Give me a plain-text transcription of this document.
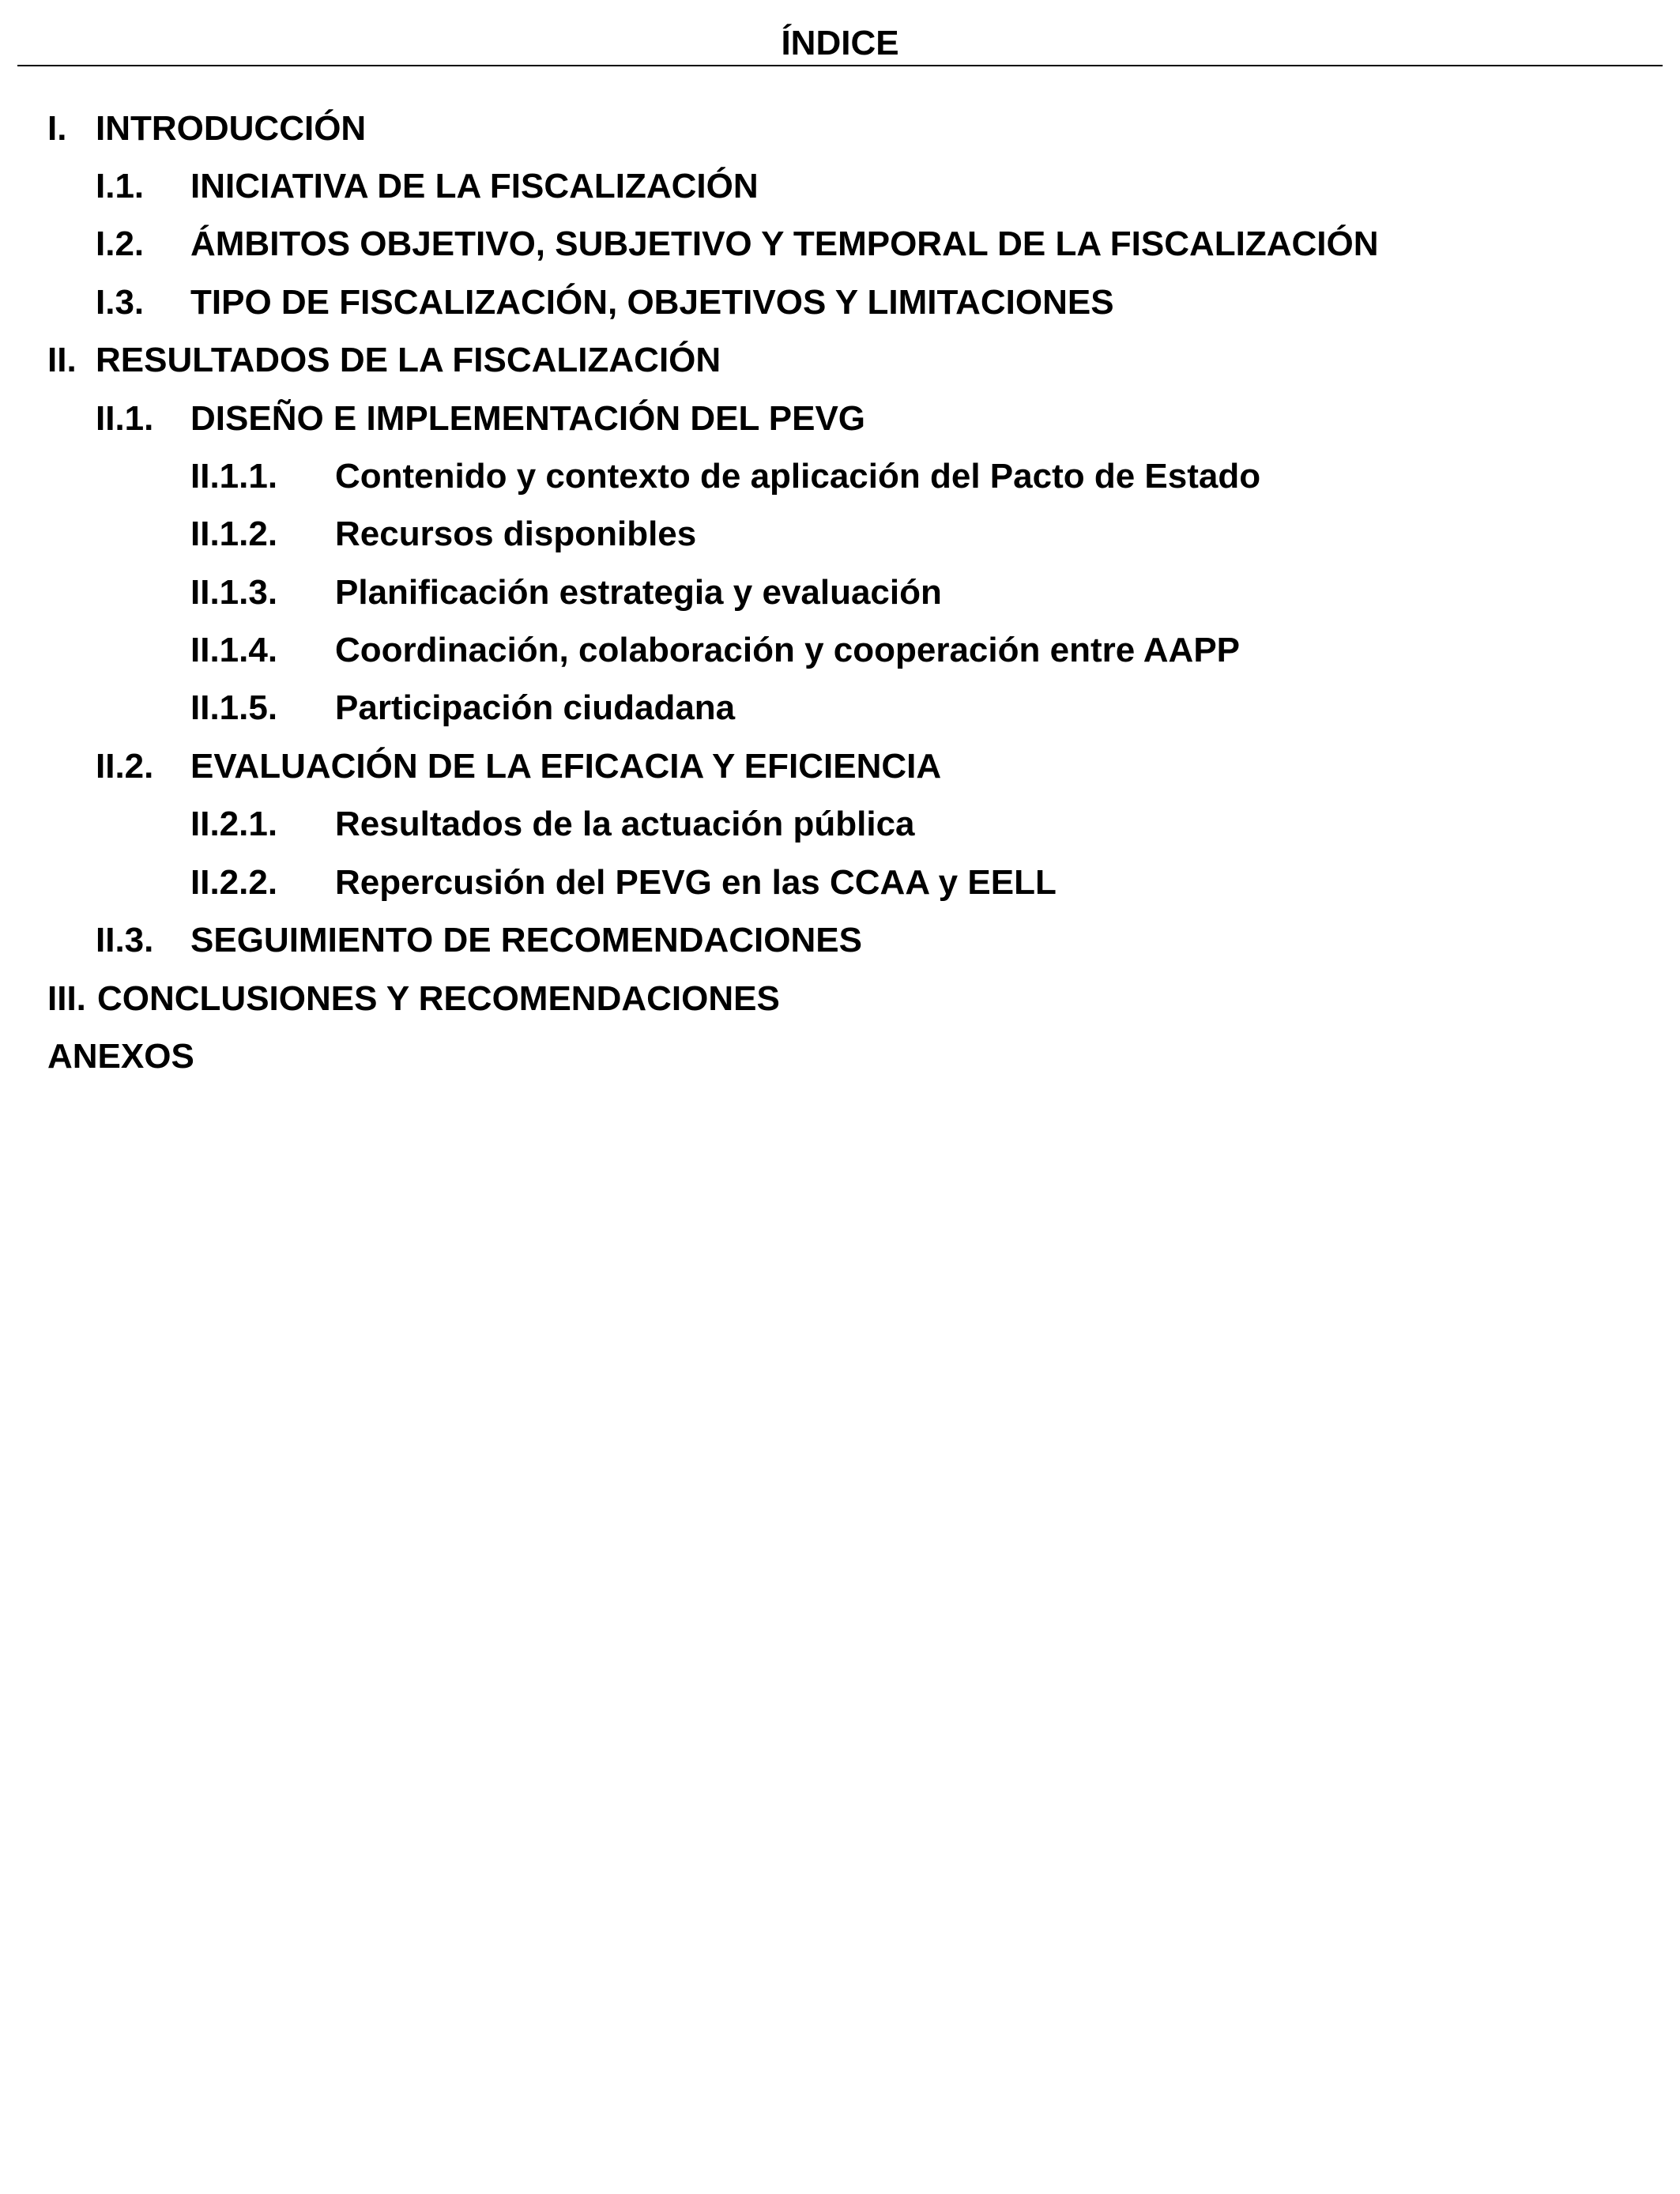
ÍNDICE
I. INTRODUCCIÓN
I.1. INICIATIVA DE LA FISCALIZACIÓN
I.2. ÁMBITOS OBJETIVO, SUBJETIVO Y TEMPORAL DE LA FISCALIZACIÓN
I.3. TIPO DE FISCALIZACIÓN, OBJETIVOS Y LIMITACIONES
II. RESULTADOS DE LA FISCALIZACIÓN
II.1. DISEÑO E IMPLEMENTACIÓN DEL PEVG
II.1.1. Contenido y contexto de aplicación del Pacto de Estado
II.1.2. Recursos disponibles
II.1.3. Planificación estrategia y evaluación
II.1.4. Coordinación, colaboración y cooperación entre AAPP
II.1.5. Participación ciudadana
II.2. EVALUACIÓN DE LA EFICACIA Y EFICIENCIA
II.2.1. Resultados de la actuación pública
II.2.2. Repercusión del PEVG en las CCAA y EELL
II.3. SEGUIMIENTO DE RECOMENDACIONES
III. CONCLUSIONES Y RECOMENDACIONES
ANEXOS
